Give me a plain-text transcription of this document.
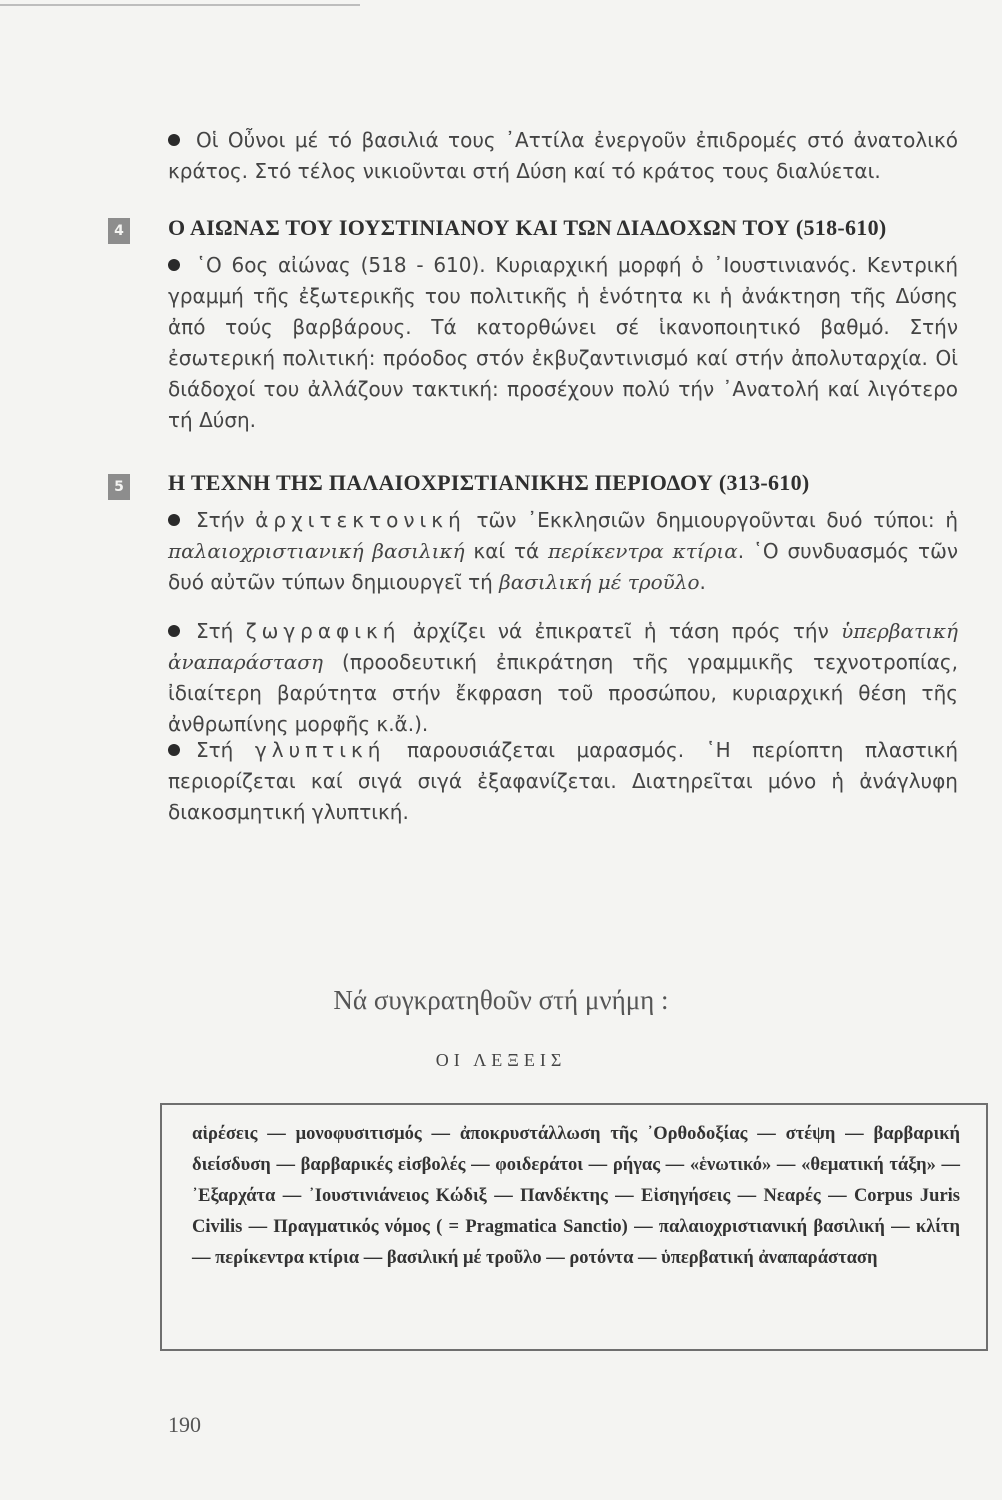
Οἱ Οὖνοι μέ τό βασιλιά τους ᾽Αττίλα ἐνεργοῦν ἐπιδρομές στό ἀνατολικό κράτος. Στό τέλος νικιοῦνται στή Δύση καί τό κράτος τους διαλύεται.
4 Ο ΑΙΩΝΑΣ ΤΟΥ ΙΟΥΣΤΙΝΙΑΝΟΥ ΚΑΙ ΤΩΝ ΔΙΑΔΟΧΩΝ ΤΟΥ (518-610)
῾Ο 6ος αἰώνας (518 - 610). Κυριαρχική μορφή ὁ ᾽Ιουστινιανός. Κεντρική γραμμή τῆς ἐξωτερικῆς του πολιτικῆς ἡ ἑνότητα κι ἡ ἀνάκτηση τῆς Δύσης ἀπό τούς βαρβάρους. Τά κατορθώνει σέ ἱκανοποιητικό βαθμό. Στήν ἐσωτερική πολιτική: πρόοδος στόν ἐκβυζαντινισμό καί στήν ἀπολυταρχία. Οἱ διάδοχοί του ἀλλάζουν τακτική: προσέχουν πολύ τήν ᾽Ανατολή καί λιγότερο τή Δύση.
5 Η ΤΕΧΝΗ ΤΗΣ ΠΑΛΑΙΟΧΡΙΣΤΙΑΝΙΚΗΣ ΠΕΡΙΟΔΟΥ (313-610)
Στήν ἀρχιτεκτονική τῶν ᾽Εκκλησιῶν δημιουργοῦνται δυό τύποι: ἡ παλαιοχριστιανική βασιλική καί τά περίκεντρα κτίρια. ῾Ο συνδυασμός τῶν δυό αὐτῶν τύπων δημιουργεῖ τή βασιλική μέ τροῦλο.
Στή ζωγραφική ἀρχίζει νά ἐπικρατεῖ ἡ τάση πρός τήν ὑπερβατική ἀναπαράσταση (προοδευτική ἐπικράτηση τῆς γραμμικῆς τεχνοτροπίας, ἰδιαίτερη βαρύτητα στήν ἔκφραση τοῦ προσώπου, κυριαρχική θέση τῆς ἀνθρωπίνης μορφῆς κ.ἄ.).
Στή γλυπτική παρουσιάζεται μαρασμός. ῾Η περίοπτη πλαστική περιορίζεται καί σιγά σιγά ἐξαφανίζεται. Διατηρεῖται μόνο ἡ ἀνάγλυφη διακοσμητική γλυπτική.
Νά συγκρατηθοῦν στή μνήμη :
ΟΙ ΛΕΞΕΙΣ
αἱρέσεις — μονοφυσιτισμός — ἀποκρυστάλλωση τῆς ᾽Ορθοδοξίας — στέψη — βαρβαρική διείσδυση — βαρβαρικές εἰσβολές — φοιδεράτοι — ρήγας — «ἑνωτικό» — «θεματική τάξη» — ᾽Εξαρχάτα — ᾽Ιουστινιάνειος Κώδιξ — Πανδέκτης — Εἰσηγήσεις — Νεαρές — Corpus Juris Civilis — Πραγματικός νόμος ( = Pragmatica Sanctio) — παλαιοχριστιανική βασιλική — κλίτη — περίκεντρα κτίρια — βασιλική μέ τροῦλο — ροτόντα — ὑπερβατική ἀναπαράσταση
190
